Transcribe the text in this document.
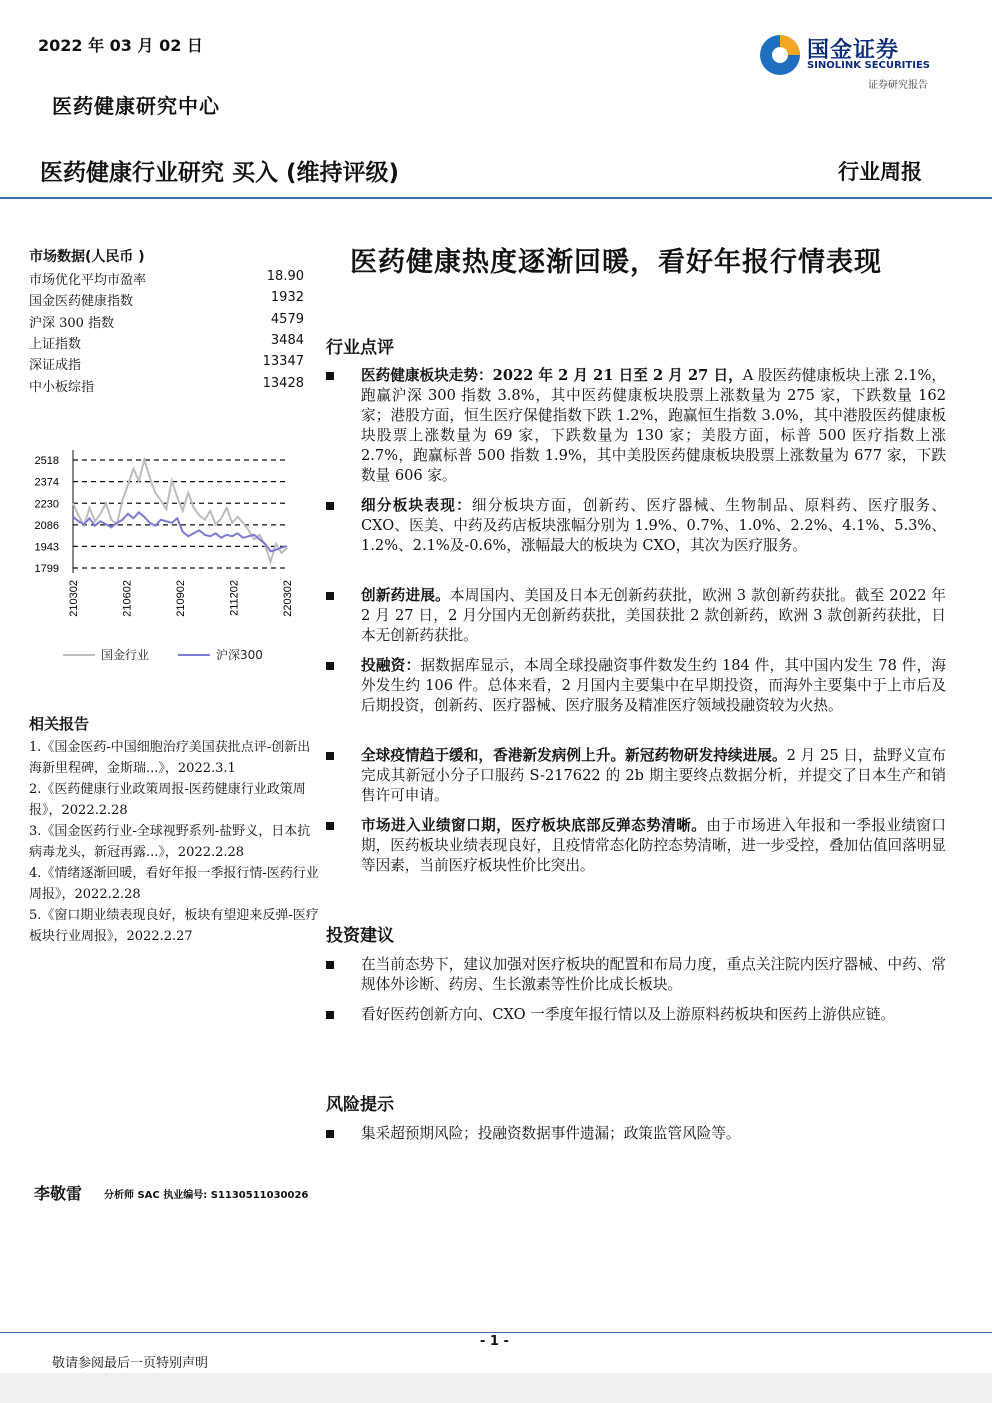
2022 年 03 月 02 日
医药健康研究中心
国金证券
SINOLINK SECURITIES
证券研究报告
医药健康行业研究 买入 (维持评级)	行业周报
市场数据(人民币 )
市场优化平均市盈率	18.90
国金医药健康指数	1932
沪深 300 指数	4579
上证指数	3484
深证成指	13347
中小板综指	13428
1799
1943
2086
2230
2374
2518
210302	210602	210902	211202	220302
国金行业	沪深300
相关报告
1.《国金医药-中国细胞治疗美国获批点评-创新出海新里程碑，金斯瑞...》，2022.3.1
2.《医药健康行业政策周报-医药健康行业政策周报》，2022.2.28
3.《国金医药行业-全球视野系列-盐野义，日本抗病毒龙头，新冠再露...》，2022.2.28
4.《情绪逐渐回暖，看好年报一季报行情-医药行业周报》，2022.2.28
5.《窗口期业绩表现良好，板块有望迎来反弹-医疗板块行业周报》，2022.2.27
医药健康热度逐渐回暖，看好年报行情表现
行业点评
医药健康板块走势：2022 年 2 月 21 日至 2 月 27 日，A 股医药健康板块上涨 2.1%，跑赢沪深 300 指数 3.8%，其中医药健康板块股票上涨数量为 275 家，下跌数量 162 家；港股方面，恒生医疗保健指数下跌 1.2%，跑赢恒生指数 3.0%，其中港股医药健康板块股票上涨数量为 69 家，下跌数量为 130 家；美股方面，标普 500 医疗指数上涨 2.7%，跑赢标普 500 指数 1.9%，其中美股医药健康板块股票上涨数量为 677 家，下跌数量 606 家。
细分板块表现：细分板块方面，创新药、医疗器械、生物制品、原料药、医疗服务、CXO、医美、中药及药店板块涨幅分别为 1.9%、0.7%、1.0%、2.2%、4.1%、5.3%、1.2%、2.1%及-0.6%，涨幅最大的板块为 CXO，其次为医疗服务。
创新药进展。本周国内、美国及日本无创新药获批，欧洲 3 款创新药获批。截至 2022 年 2 月 27 日，2 月分国内无创新药获批，美国获批 2 款创新药，欧洲 3 款创新药获批，日本无创新药获批。
投融资：据数据库显示，本周全球投融资事件数发生约 184 件，其中国内发生 78 件，海外发生约 106 件。总体来看，2 月国内主要集中在早期投资，而海外主要集中于上市后及后期投资，创新药、医疗器械、医疗服务及精准医疗领域投融资较为火热。
全球疫情趋于缓和，香港新发病例上升。新冠药物研发持续进展。2 月 25 日，盐野义宣布完成其新冠小分子口服药 S-217622 的 2b 期主要终点数据分析，并提交了日本生产和销售许可申请。
市场进入业绩窗口期，医疗板块底部反弹态势清晰。由于市场进入年报和一季报业绩窗口期，医药板块业绩表现良好，且疫情常态化防控态势清晰，进一步受控，叠加估值回落明显等因素，当前医疗板块性价比突出。
投资建议
在当前态势下，建议加强对医疗板块的配置和布局力度，重点关注院内医疗器械、中药、常规体外诊断、药房、生长激素等性价比成长板块。
看好医药创新方向、CXO 一季度年报行情以及上游原料药板块和医药上游供应链。
风险提示
集采超预期风险；投融资数据事件遗漏；政策监管风险等。
李敬雷 分析师 SAC 执业编号: S1130511030026
- 1 -
敬请参阅最后一页特别声明
